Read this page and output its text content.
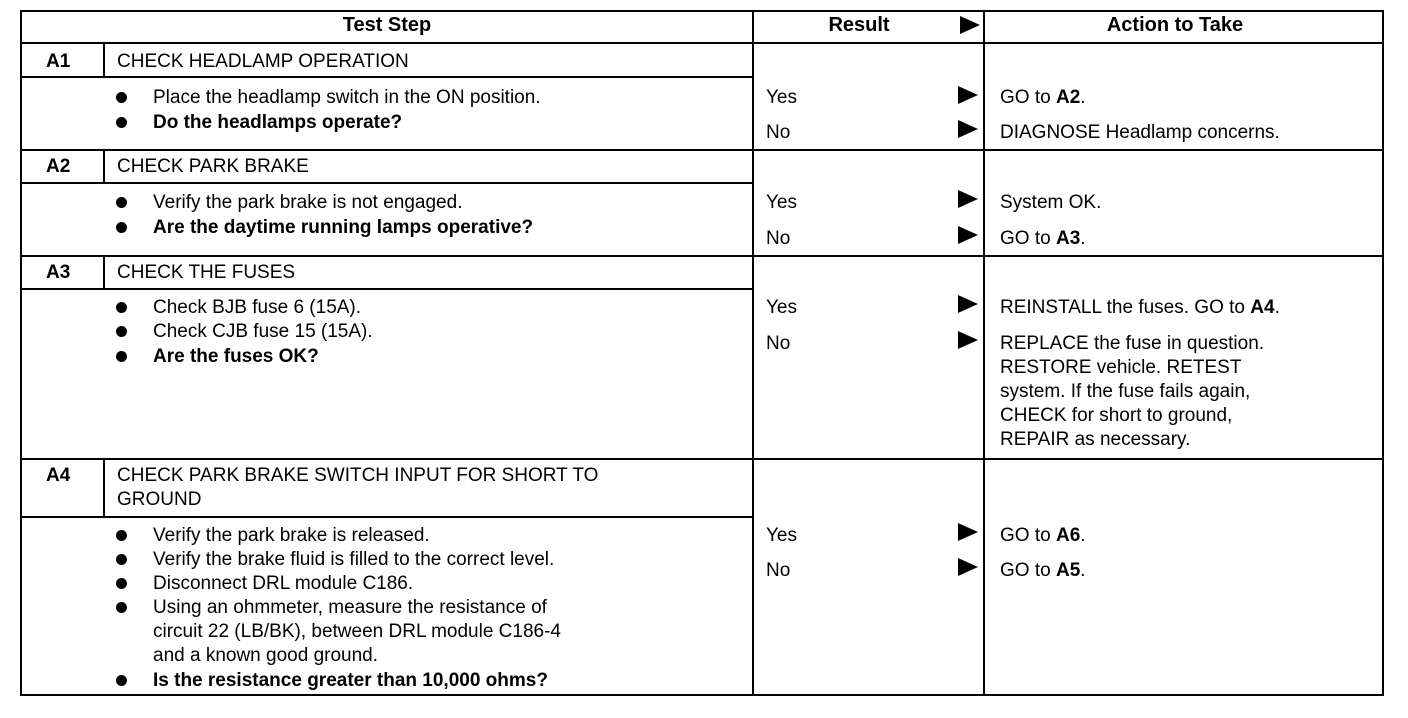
Test Step	Result	Action to Take
A1 CHECK HEADLAMP OPERATION
Place the headlamp switch in the ON position.
Do the headlamps operate?
Yes	GO to A2.
No	DIAGNOSE Headlamp concerns.
A2 CHECK PARK BRAKE
Verify the park brake is not engaged.
Are the daytime running lamps operative?
Yes	System OK.
No	GO to A3.
A3 CHECK THE FUSES
Check BJB fuse 6 (15A).
Check CJB fuse 15 (15A).
Are the fuses OK?
Yes	REINSTALL the fuses. GO to A4.
No	REPLACE the fuse in question.
RESTORE vehicle. RETEST
system. If the fuse fails again,
CHECK for short to ground,
REPAIR as necessary.
A4 CHECK PARK BRAKE SWITCH INPUT FOR SHORT TO
GROUND
Verify the park brake is released.
Verify the brake fluid is filled to the correct level.
Disconnect DRL module C186.
Using an ohmmeter, measure the resistance of
circuit 22 (LB/BK), between DRL module C186-4
and a known good ground.
Is the resistance greater than 10,000 ohms?
Yes	GO to A6.
No	GO to A5.
